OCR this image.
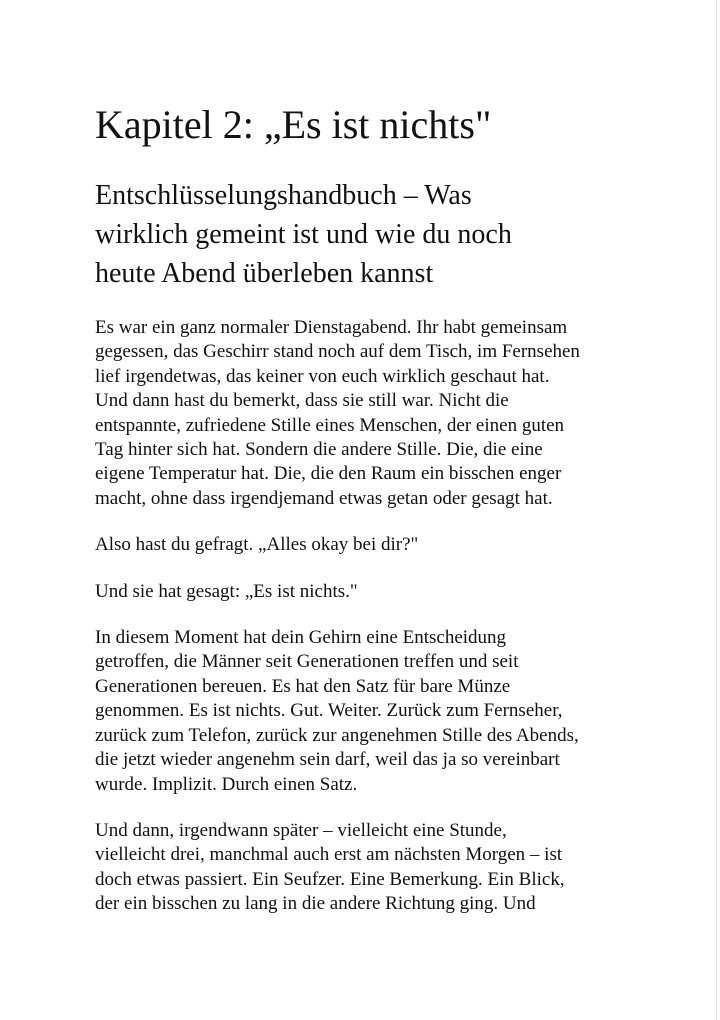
Kapitel 2: „Es ist nichts"
Entschlüsselungshandbuch – Was
wirklich gemeint ist und wie du noch
heute Abend überleben kannst

Es war ein ganz normaler Dienstagabend. Ihr habt gemeinsam
gegessen, das Geschirr stand noch auf dem Tisch, im Fernsehen
lief irgendetwas, das keiner von euch wirklich geschaut hat.
Und dann hast du bemerkt, dass sie still war. Nicht die
entspannte, zufriedene Stille eines Menschen, der einen guten
Tag hinter sich hat. Sondern die andere Stille. Die, die eine
eigene Temperatur hat. Die, die den Raum ein bisschen enger
macht, ohne dass irgendjemand etwas getan oder gesagt hat.

Also hast du gefragt. „Alles okay bei dir?"

Und sie hat gesagt: „Es ist nichts."

In diesem Moment hat dein Gehirn eine Entscheidung
getroffen, die Männer seit Generationen treffen und seit
Generationen bereuen. Es hat den Satz für bare Münze
genommen. Es ist nichts. Gut. Weiter. Zurück zum Fernseher,
zurück zum Telefon, zurück zur angenehmen Stille des Abends,
die jetzt wieder angenehm sein darf, weil das ja so vereinbart
wurde. Implizit. Durch einen Satz.

Und dann, irgendwann später – vielleicht eine Stunde,
vielleicht drei, manchmal auch erst am nächsten Morgen – ist
doch etwas passiert. Ein Seufzer. Eine Bemerkung. Ein Blick,
der ein bisschen zu lang in die andere Richtung ging. Und
